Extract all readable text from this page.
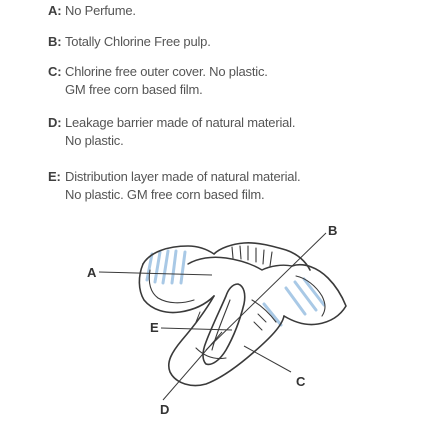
A: No Perfume.
B: Totally Chlorine Free pulp.
C: Chlorine free outer cover. No plastic.
GM free corn based film.
D: Leakage barrier made of natural material.
No plastic.
E: Distribution layer made of natural material.
No plastic. GM free corn based film.
A
B
C
D
E
